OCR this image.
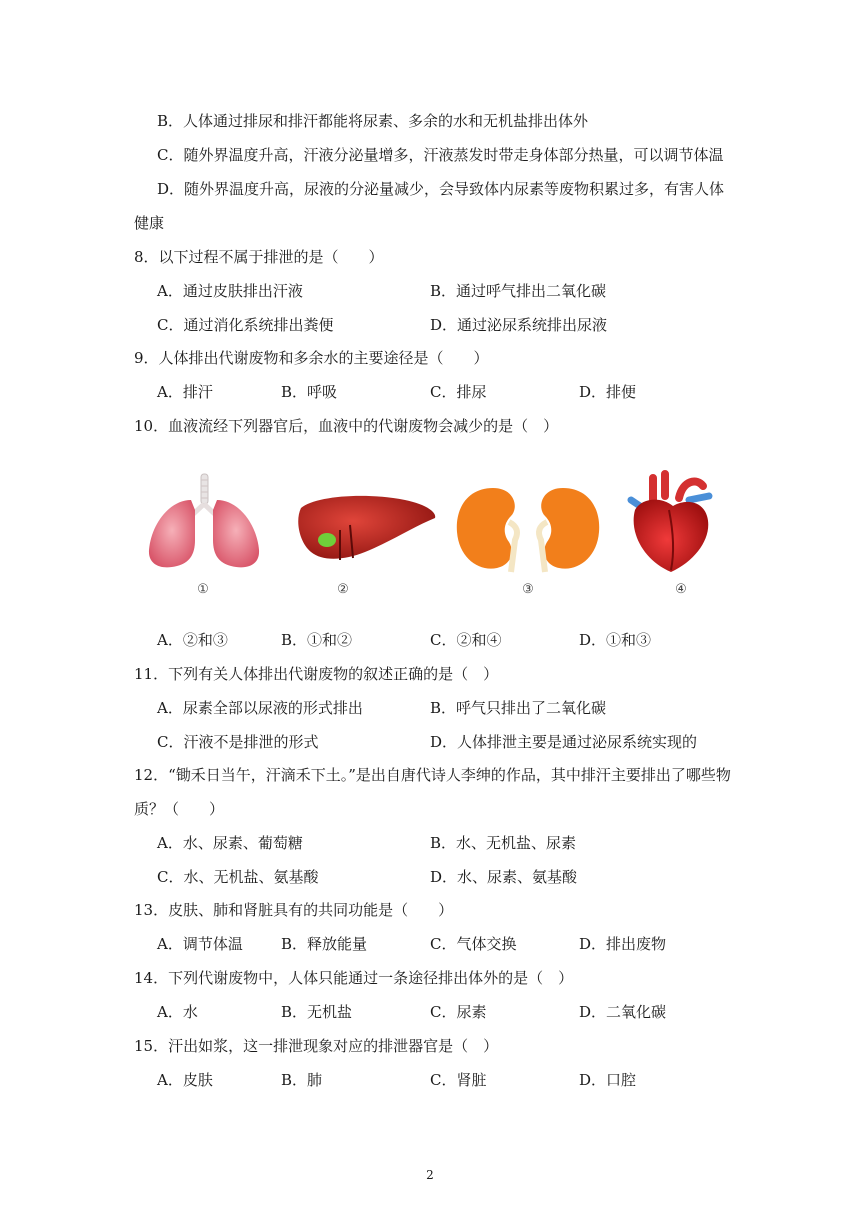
B．人体通过排尿和排汗都能将尿素、多余的水和无机盐排出体外
C．随外界温度升高，汗液分泌量增多，汗液蒸发时带走身体部分热量，可以调节体温
D．随外界温度升高，尿液的分泌量减少，会导致体内尿素等废物积累过多，有害人体
健康
8．以下过程不属于排泄的是（　　）
A．通过皮肤排出汗液	B．通过呼气排出二氧化碳
C．通过消化系统排出粪便	D．通过泌尿系统排出尿液
9．人体排出代谢废物和多余水的主要途径是（　　）
A．排汗	B．呼吸	C．排尿	D．排便
10．血液流经下列器官后，血液中的代谢废物会减少的是（　）
①	②	③	④
A．②和③	B．①和②	C．②和④	D．①和③
11．下列有关人体排出代谢废物的叙述正确的是（　）
A．尿素全部以尿液的形式排出	B．呼气只排出了二氧化碳
C．汗液不是排泄的形式	D．人体排泄主要是通过泌尿系统实现的
12．“锄禾日当午，汗滴禾下土。”是出自唐代诗人李绅的作品，其中排汗主要排出了哪些物
质？（　　）
A．水、尿素、葡萄糖	B．水、无机盐、尿素
C．水、无机盐、氨基酸	D．水、尿素、氨基酸
13．皮肤、肺和肾脏具有的共同功能是（　　）
A．调节体温	B．释放能量	C．气体交换	D．排出废物
14．下列代谢废物中，人体只能通过一条途径排出体外的是（　）
A．水	B．无机盐	C．尿素	D．二氧化碳
15．汗出如浆，这一排泄现象对应的排泄器官是（　）
A．皮肤	B．肺	C．肾脏	D．口腔
2
